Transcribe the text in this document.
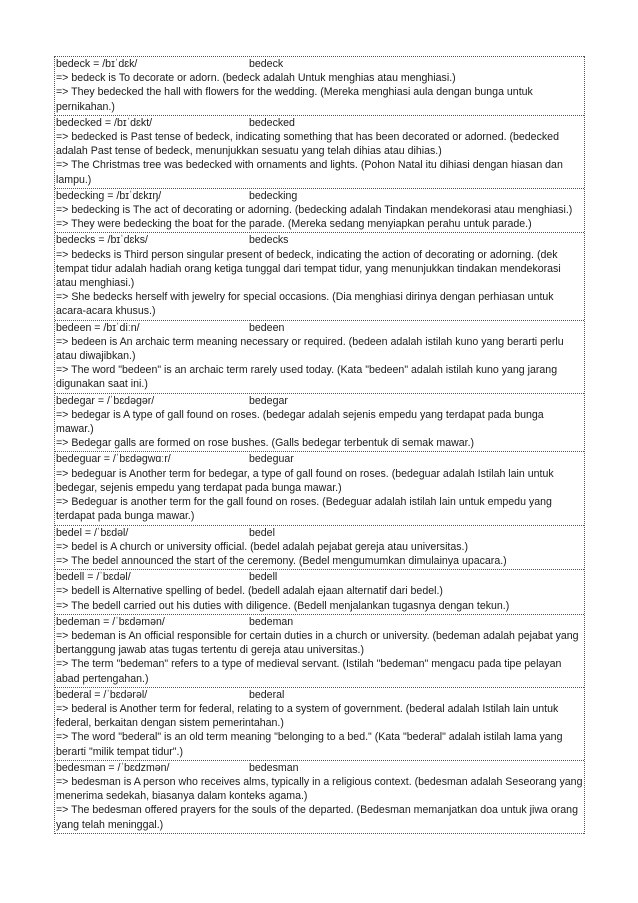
bedeck = /bɪˈdɛk/	bedeck

=> bedeck is To decorate or adorn. (bedeck adalah Untuk menghias atau menghiasi.)

=> They bedecked the hall with flowers for the wedding. (Mereka menghiasi aula dengan bunga untuk pernikahan.)

bedecked = /bɪˈdɛkt/	bedecked

=> bedecked is Past tense of bedeck, indicating something that has been decorated or adorned. (bedecked adalah Past tense of bedeck, menunjukkan sesuatu yang telah dihias atau dihias.)

=> The Christmas tree was bedecked with ornaments and lights. (Pohon Natal itu dihiasi dengan hiasan dan lampu.)

bedecking = /bɪˈdɛkɪŋ/	bedecking

=> bedecking is The act of decorating or adorning. (bedecking adalah Tindakan mendekorasi atau menghiasi.)

=> They were bedecking the boat for the parade. (Mereka sedang menyiapkan perahu untuk parade.)

bedecks = /bɪˈdɛks/	bedecks

=> bedecks is Third person singular present of bedeck, indicating the action of decorating or adorning. (dek tempat tidur adalah hadiah orang ketiga tunggal dari tempat tidur, yang menunjukkan tindakan mendekorasi atau menghiasi.)

=> She bedecks herself with jewelry for special occasions. (Dia menghiasi dirinya dengan perhiasan untuk acara-acara khusus.)

bedeen = /bɪˈdiːn/	bedeen

=> bedeen is An archaic term meaning necessary or required. (bedeen adalah istilah kuno yang berarti perlu atau diwajibkan.)

=> The word "bedeen" is an archaic term rarely used today. (Kata "bedeen" adalah istilah kuno yang jarang digunakan saat ini.)

bedegar = /ˈbɛdəgər/	bedegar

=> bedegar is A type of gall found on roses. (bedegar adalah sejenis empedu yang terdapat pada bunga mawar.)

=> Bedegar galls are formed on rose bushes. (Galls bedegar terbentuk di semak mawar.)

bedeguar = /ˈbɛdəgwɑːr/	bedeguar

=> bedeguar is Another term for bedegar, a type of gall found on roses. (bedeguar adalah Istilah lain untuk bedegar, sejenis empedu yang terdapat pada bunga mawar.)

=> Bedeguar is another term for the gall found on roses. (Bedeguar adalah istilah lain untuk empedu yang terdapat pada bunga mawar.)

bedel = /ˈbɛdəl/	bedel

=> bedel is A church or university official. (bedel adalah pejabat gereja atau universitas.)

=> The bedel announced the start of the ceremony. (Bedel mengumumkan dimulainya upacara.)

bedell = /ˈbɛdəl/	bedell

=> bedell is Alternative spelling of bedel. (bedell adalah ejaan alternatif dari bedel.)

=> The bedell carried out his duties with diligence. (Bedell menjalankan tugasnya dengan tekun.)

bedeman = /ˈbɛdəmən/	bedeman

=> bedeman is An official responsible for certain duties in a church or university. (bedeman adalah pejabat yang bertanggung jawab atas tugas tertentu di gereja atau universitas.)

=> The term "bedeman" refers to a type of medieval servant. (Istilah "bedeman" mengacu pada tipe pelayan abad pertengahan.)

bederal = /ˈbɛdərəl/	bederal

=> bederal is Another term for federal, relating to a system of government. (bederal adalah Istilah lain untuk federal, berkaitan dengan sistem pemerintahan.)

=> The word "bederal" is an old term meaning "belonging to a bed." (Kata "bederal" adalah istilah lama yang berarti "milik tempat tidur".)

bedesman = /ˈbɛdzmən/	bedesman

=> bedesman is A person who receives alms, typically in a religious context. (bedesman adalah Seseorang yang menerima sedekah, biasanya dalam konteks agama.)

=> The bedesman offered prayers for the souls of the departed. (Bedesman memanjatkan doa untuk jiwa orang yang telah meninggal.)
